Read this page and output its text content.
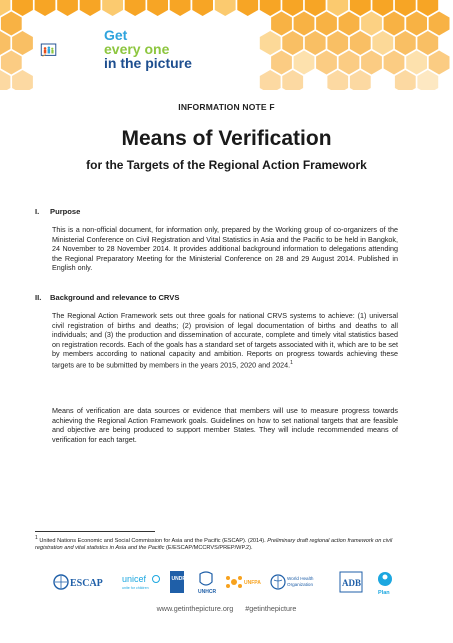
Get
every one
in the picture
INFORMATION NOTE F
Means of Verification
for the Targets of the Regional Action Framework
I. Purpose
This is a non-official document, for information only, prepared by the Working group of co-organizers of the Ministerial Conference on Civil Registration and Vital Statistics in Asia and the Pacific to be held in Bangkok, 24 November to 28 November 2014. It provides additional background information to delegations attending the Regional Preparatory Meeting for the Ministerial Conference on 28 and 29 August 2014. Published in English only.
II. Background and relevance to CRVS
The Regional Action Framework sets out three goals for national CRVS systems to achieve: (1) universal civil registration of births and deaths; (2) provision of legal documentation of births and deaths to all individuals; and (3) the production and dissemination of accurate, complete and timely vital statistics based on registration records. Each of the goals has a standard set of targets associated with it, which are to be set by members according to national capacity and ambition. Reports on progress towards achieving these targets are to be submitted by members in the years 2015, 2020 and 2024.$^1$
Means of verification are data sources or evidence that members will use to measure progress towards achieving the Regional Action Framework goals. Guidelines on how to set national targets that are feasible and objective are being produced to support member States. They will include recommended means of verification for each target.
$^1$ United Nations Economic and Social Commission for Asia and the Pacific (ESCAP). (2014). Preliminary draft regional action framework on civil registration and vital statistics in Asia and the Pacific (E/ESCAP/MCCRVS/PREP/WP.2).
ESCAP unicef
unite for children
UNDP
UNHCR
UNFPA
World Health
Organization	ADB
Plan
www.getinthepicture.org #getinthepicture
